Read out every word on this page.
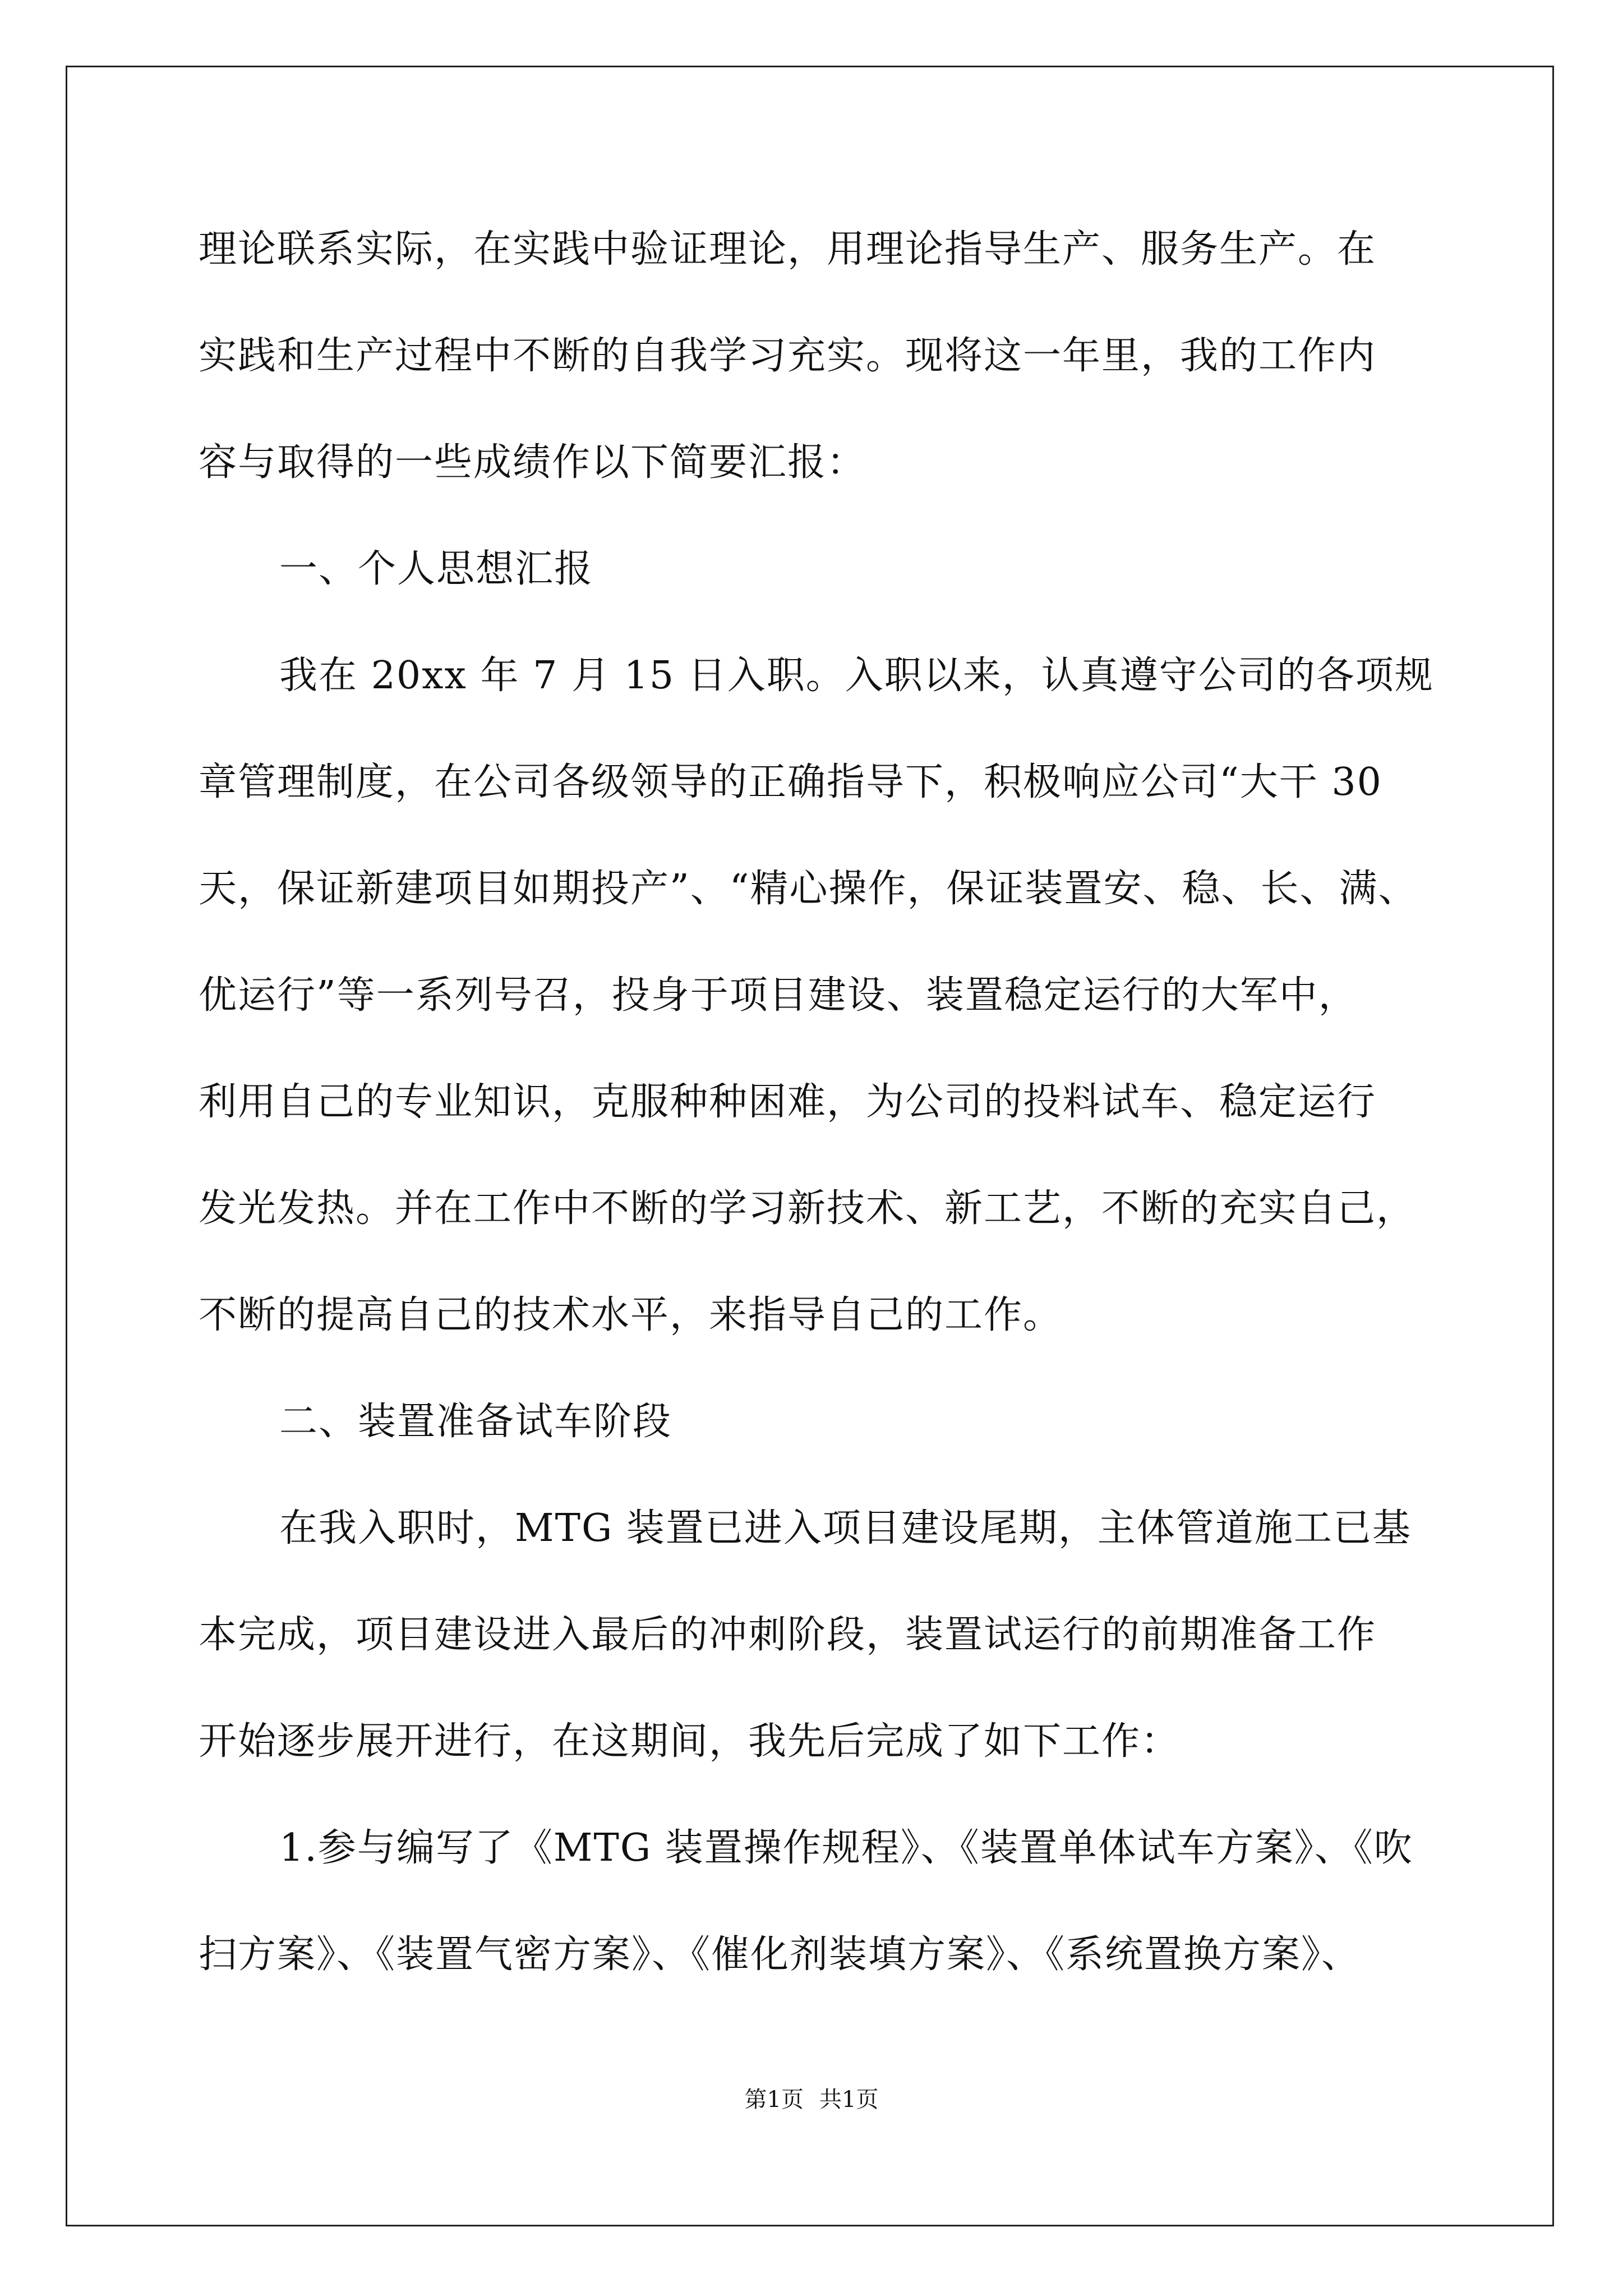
理论联系实际，在实践中验证理论，用理论指导生产、服务生产。在
实践和生产过程中不断的自我学习充实。现将这一年里，我的工作内
容与取得的一些成绩作以下简要汇报：
一、个人思想汇报
我在 20xx 年 7 月 15 日入职。入职以来，认真遵守公司的各项规
章管理制度，在公司各级领导的正确指导下，积极响应公司“大干 30
天，保证新建项目如期投产”、“精心操作，保证装置安、稳、长、满、
优运行”等一系列号召，投身于项目建设、装置稳定运行的大军中，
利用自己的专业知识，克服种种困难，为公司的投料试车、稳定运行
发光发热。并在工作中不断的学习新技术、新工艺，不断的充实自己，
不断的提高自己的技术水平，来指导自己的工作。
二、装置准备试车阶段
在我入职时，MTG 装置已进入项目建设尾期，主体管道施工已基
本完成，项目建设进入最后的冲刺阶段，装置试运行的前期准备工作
开始逐步展开进行，在这期间，我先后完成了如下工作：
1.参与编写了《MTG 装置操作规程》、《装置单体试车方案》、《吹
扫方案》、《装置气密方案》、《催化剂装填方案》、《系统置换方案》、
第1页 共1页
